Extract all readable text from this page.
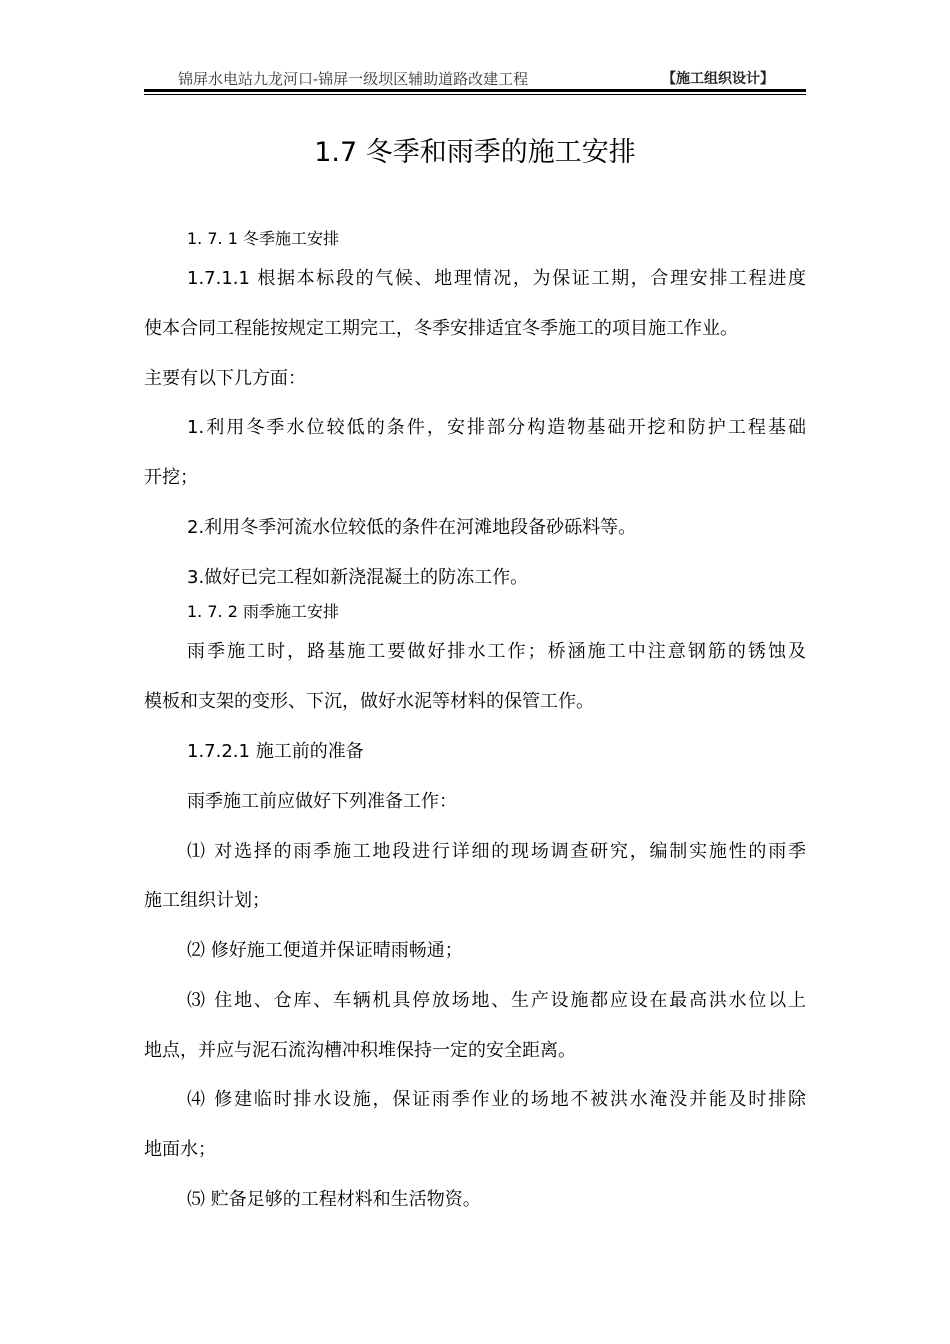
锦屏水电站九龙河口-锦屏一级坝区辅助道路改建工程	【施工组织设计】
1.7 冬季和雨季的施工安排
1. 7. 1 冬季施工安排
1.7.1.1 根据本标段的气候、地理情况，为保证工期，合理安排工程进度
使本合同工程能按规定工期完工，冬季安排适宜冬季施工的项目施工作业。
主要有以下几方面：
1.利用冬季水位较低的条件，安排部分构造物基础开挖和防护工程基础
开挖；
2.利用冬季河流水位较低的条件在河滩地段备砂砾料等。
3.做好已完工程如新浇混凝土的防冻工作。
1. 7. 2 雨季施工安排
雨季施工时，路基施工要做好排水工作；桥涵施工中注意钢筋的锈蚀及
模板和支架的变形、下沉，做好水泥等材料的保管工作。
1.7.2.1 施工前的准备
雨季施工前应做好下列准备工作：
⑴ 对选择的雨季施工地段进行详细的现场调查研究，编制实施性的雨季
施工组织计划；
⑵ 修好施工便道并保证晴雨畅通；
⑶ 住地、仓库、车辆机具停放场地、生产设施都应设在最高洪水位以上
地点，并应与泥石流沟槽冲积堆保持一定的安全距离。
⑷ 修建临时排水设施，保证雨季作业的场地不被洪水淹没并能及时排除
地面水；
⑸ 贮备足够的工程材料和生活物资。
